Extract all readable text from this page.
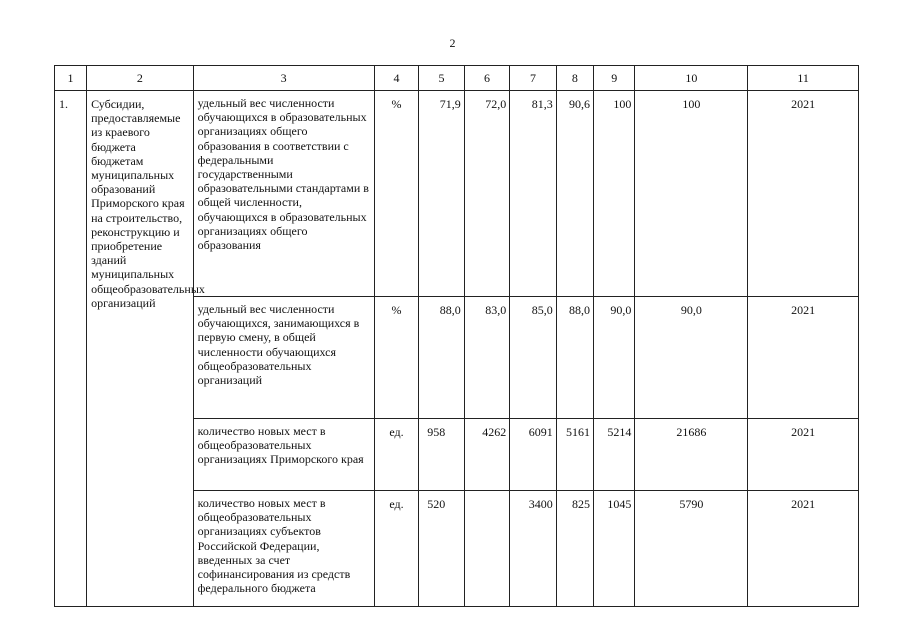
2
1	2	3	4	5	6	7	8	9	10	11
1.	Субсидии, предоставляемые из краевого бюджета бюджетам муниципальных образований Приморского края на строительство, реконструкцию и приобретение зданий муниципальных общеобразовательных организаций	удельный вес численности обучающихся в образовательных организациях общего образования в соответствии с федеральными государственными образовательными стандартами в общей численности, обучающихся в образовательных организациях общего образования	%	71,9	72,0	81,3	90,6	100	100	2021
		удельный вес численности обучающихся, занимающихся в первую смену, в общей численности обучающихся общеобразовательных организаций	%	88,0	83,0	85,0	88,0	90,0	90,0	2021
		количество новых мест в общеобразовательных организациях Приморского края	ед.	958	4262	6091	5161	5214	21686	2021
		количество новых мест в общеобразовательных организациях субъектов Российской Федерации, введенных за счет софинансирования из средств федерального бюджета	ед.	520		3400	825	1045	5790	2021
